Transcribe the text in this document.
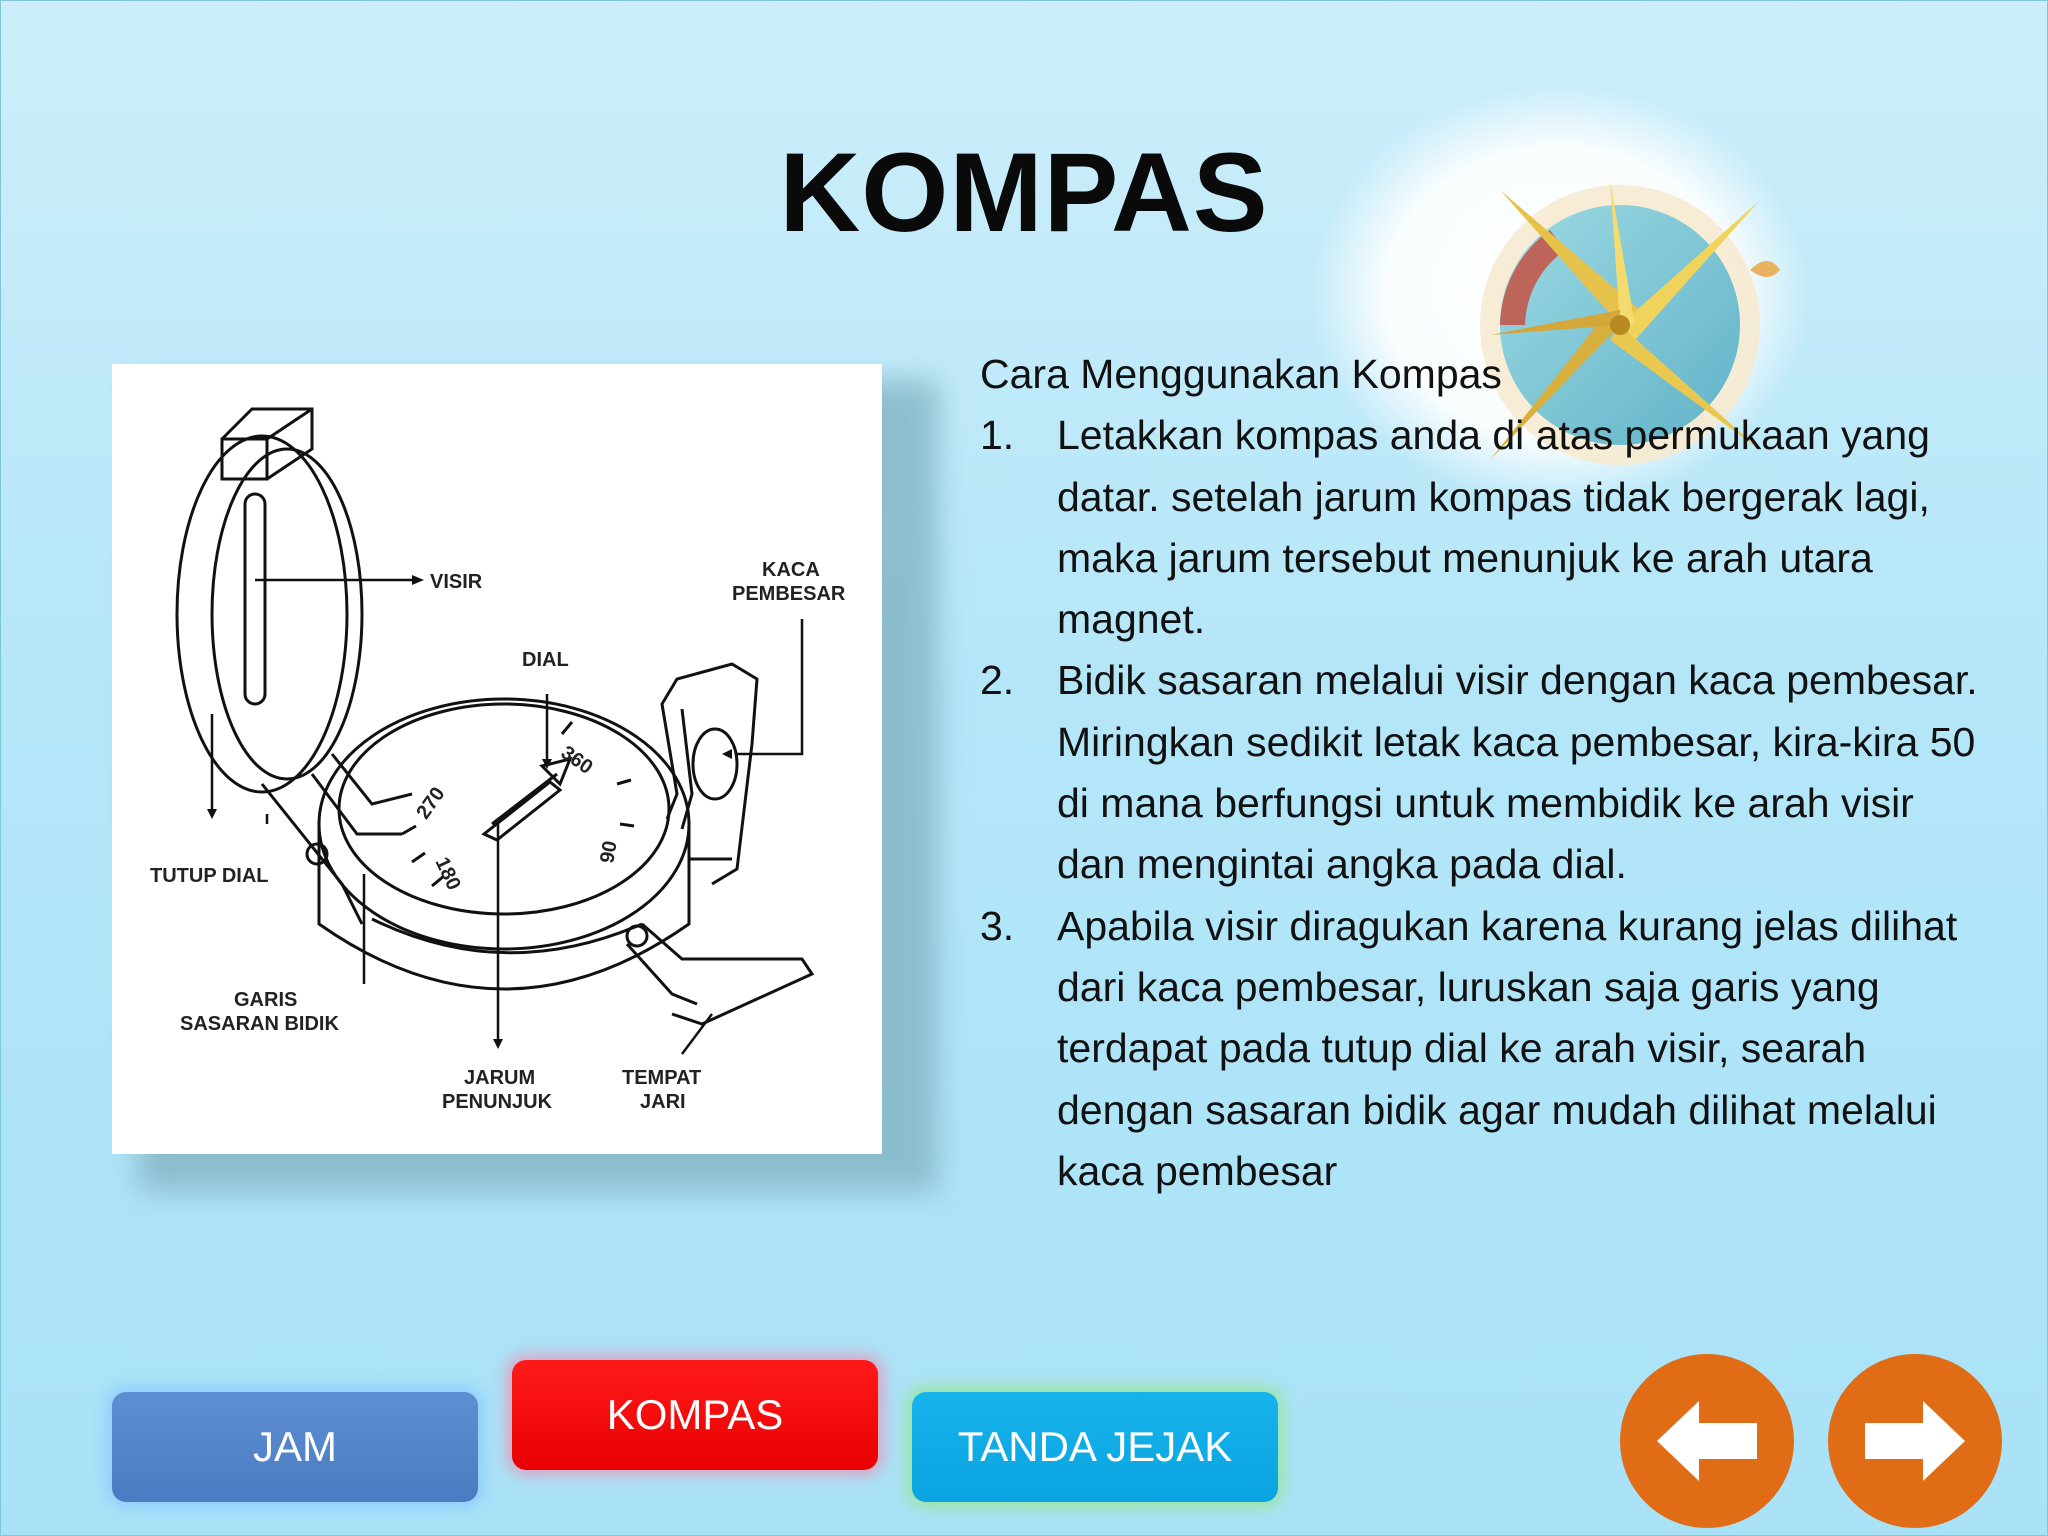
KOMPAS
VISIR
KACA
PEMBESAR
DIAL
TUTUP DIAL
GARIS
SASARAN BIDIK
JARUM
PENUNJUK
TEMPAT
JARI
270
360
90
180
Cara Menggunakan Kompas
1. Letakkan kompas anda di atas permukaan yang datar. setelah jarum kompas tidak bergerak lagi, maka jarum tersebut menunjuk ke arah utara magnet.
2. Bidik sasaran melalui visir dengan kaca pembesar. Miringkan sedikit letak kaca pembesar, kira-kira 50 di mana berfungsi untuk membidik ke arah visir dan mengintai angka pada dial.
3. Apabila visir diragukan karena kurang jelas dilihat dari kaca pembesar, luruskan saja garis yang terdapat pada tutup dial ke arah visir, searah dengan sasaran bidik agar mudah dilihat melalui kaca pembesar
JAM
KOMPAS
TANDA JEJAK
